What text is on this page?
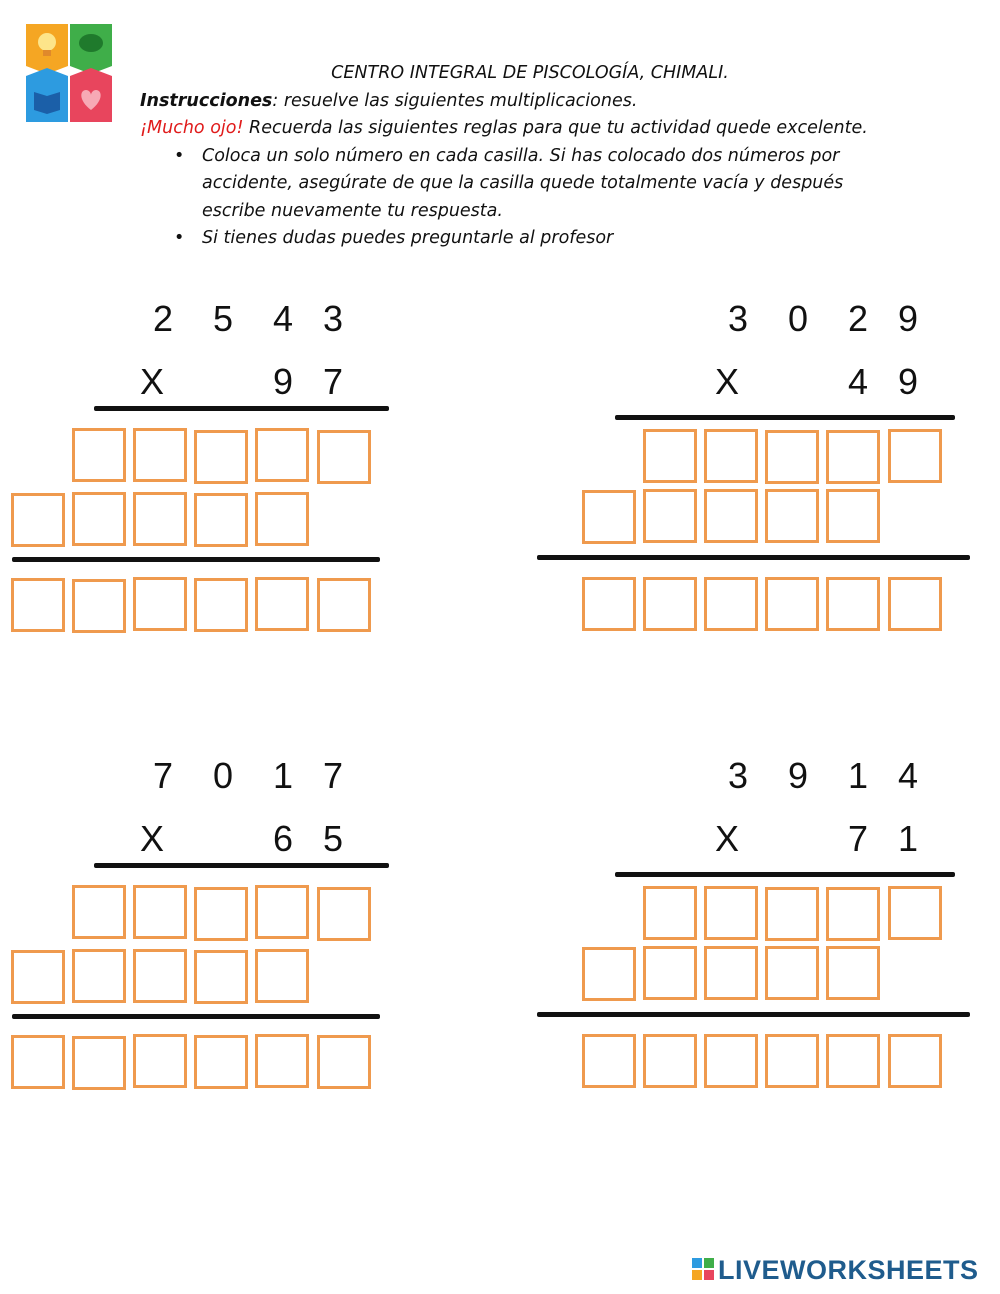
CENTRO INTEGRAL DE PISCOLOGÍA, CHIMALI.
Instrucciones: resuelve las siguientes multiplicaciones.
¡Mucho ojo! Recuerda las siguientes reglas para que tu actividad quede excelente.
• Coloca un solo número en cada casilla. Si has colocado dos números por accidente, asegúrate de que la casilla quede totalmente vacía y después escribe nuevamente tu respuesta.
• Si tienes dudas puedes preguntarle al profesor
2 5 4 3
X	9 7
3 0 2 9
X	4 9
7 0 1 7
X	6 5
3 9 1 4
X	7 1
LIVEWORKSHEETS
